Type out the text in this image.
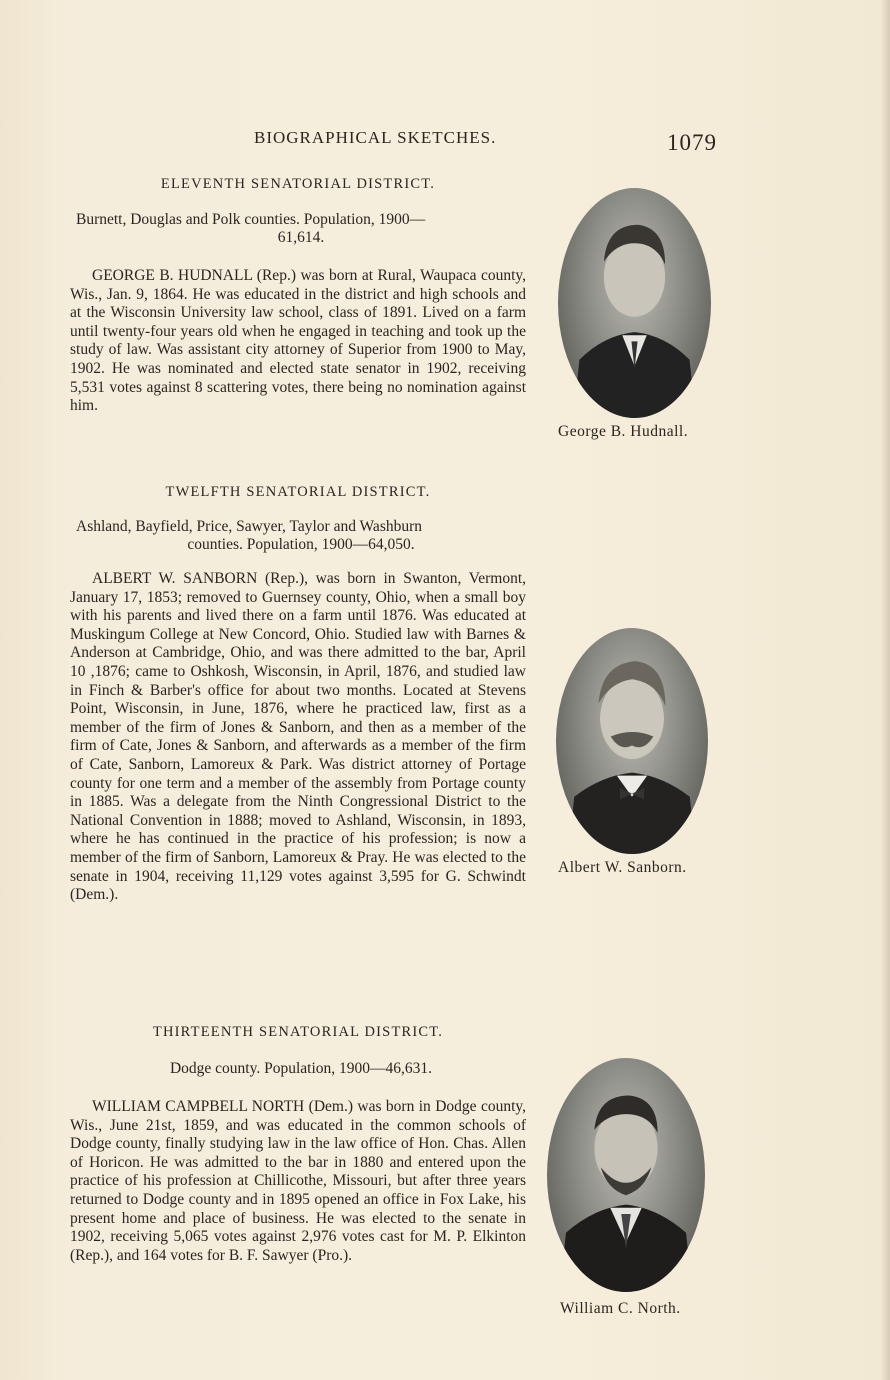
BIOGRAPHICAL SKETCHES.	1079

ELEVENTH SENATORIAL DISTRICT.

Burnett, Douglas and Polk counties. Population, 1900—
61,614.

GEORGE B. HUDNALL (Rep.) was born at Rural, Waupaca county, Wis., Jan. 9, 1864. He was educated in the district and high schools and at the Wisconsin University law school, class of 1891. Lived on a farm until twenty-four years old when he engaged in teaching and took up the study of law. Was assistant city attorney of Superior from 1900 to May, 1902. He was nominated and elected state senator in 1902, receiving 5,531 votes against 8 scattering votes, there being no nomination against him.

TWELFTH SENATORIAL DISTRICT.

Ashland, Bayfield, Price, Sawyer, Taylor and Washburn
counties. Population, 1900—64,050.

ALBERT W. SANBORN (Rep.), was born in Swanton, Vermont, January 17, 1853; removed to Guernsey county, Ohio, when a small boy with his parents and lived there on a farm until 1876. Was educated at Muskingum College at New Concord, Ohio. Studied law with Barnes & Anderson at Cambridge, Ohio, and was there admitted to the bar, April 10 ,1876; came to Oshkosh, Wisconsin, in April, 1876, and studied law in Finch & Barber's office for about two months. Located at Stevens Point, Wisconsin, in June, 1876, where he practiced law, first as a member of the firm of Jones & Sanborn, and then as a member of the firm of Cate, Jones & Sanborn, and afterwards as a member of the firm of Cate, Sanborn, Lamoreux & Park. Was district attorney of Portage county for one term and a member of the assembly from Portage county in 1885. Was a delegate from the Ninth Congressional District to the National Convention in 1888; moved to Ashland, Wisconsin, in 1893, where he has continued in the practice of his profession; is now a member of the firm of Sanborn, Lamoreux & Pray. He was elected to the senate in 1904, receiving 11,129 votes against 3,595 for G. Schwindt (Dem.).

THIRTEENTH SENATORIAL DISTRICT.

Dodge county. Population, 1900—46,631.

WILLIAM CAMPBELL NORTH (Dem.) was born in Dodge county, Wis., June 21st, 1859, and was educated in the common schools of Dodge county, finally studying law in the law office of Hon. Chas. Allen of Horicon. He was admitted to the bar in 1880 and entered upon the practice of his profession at Chillicothe, Missouri, but after three years returned to Dodge county and in 1895 opened an office in Fox Lake, his present home and place of business. He was elected to the senate in 1902, receiving 5,065 votes against 2,976 votes cast for M. P. Elkinton (Rep.), and 164 votes for B. F. Sawyer (Pro.).

George B. Hudnall.
Albert W. Sanborn.
William C. North.
